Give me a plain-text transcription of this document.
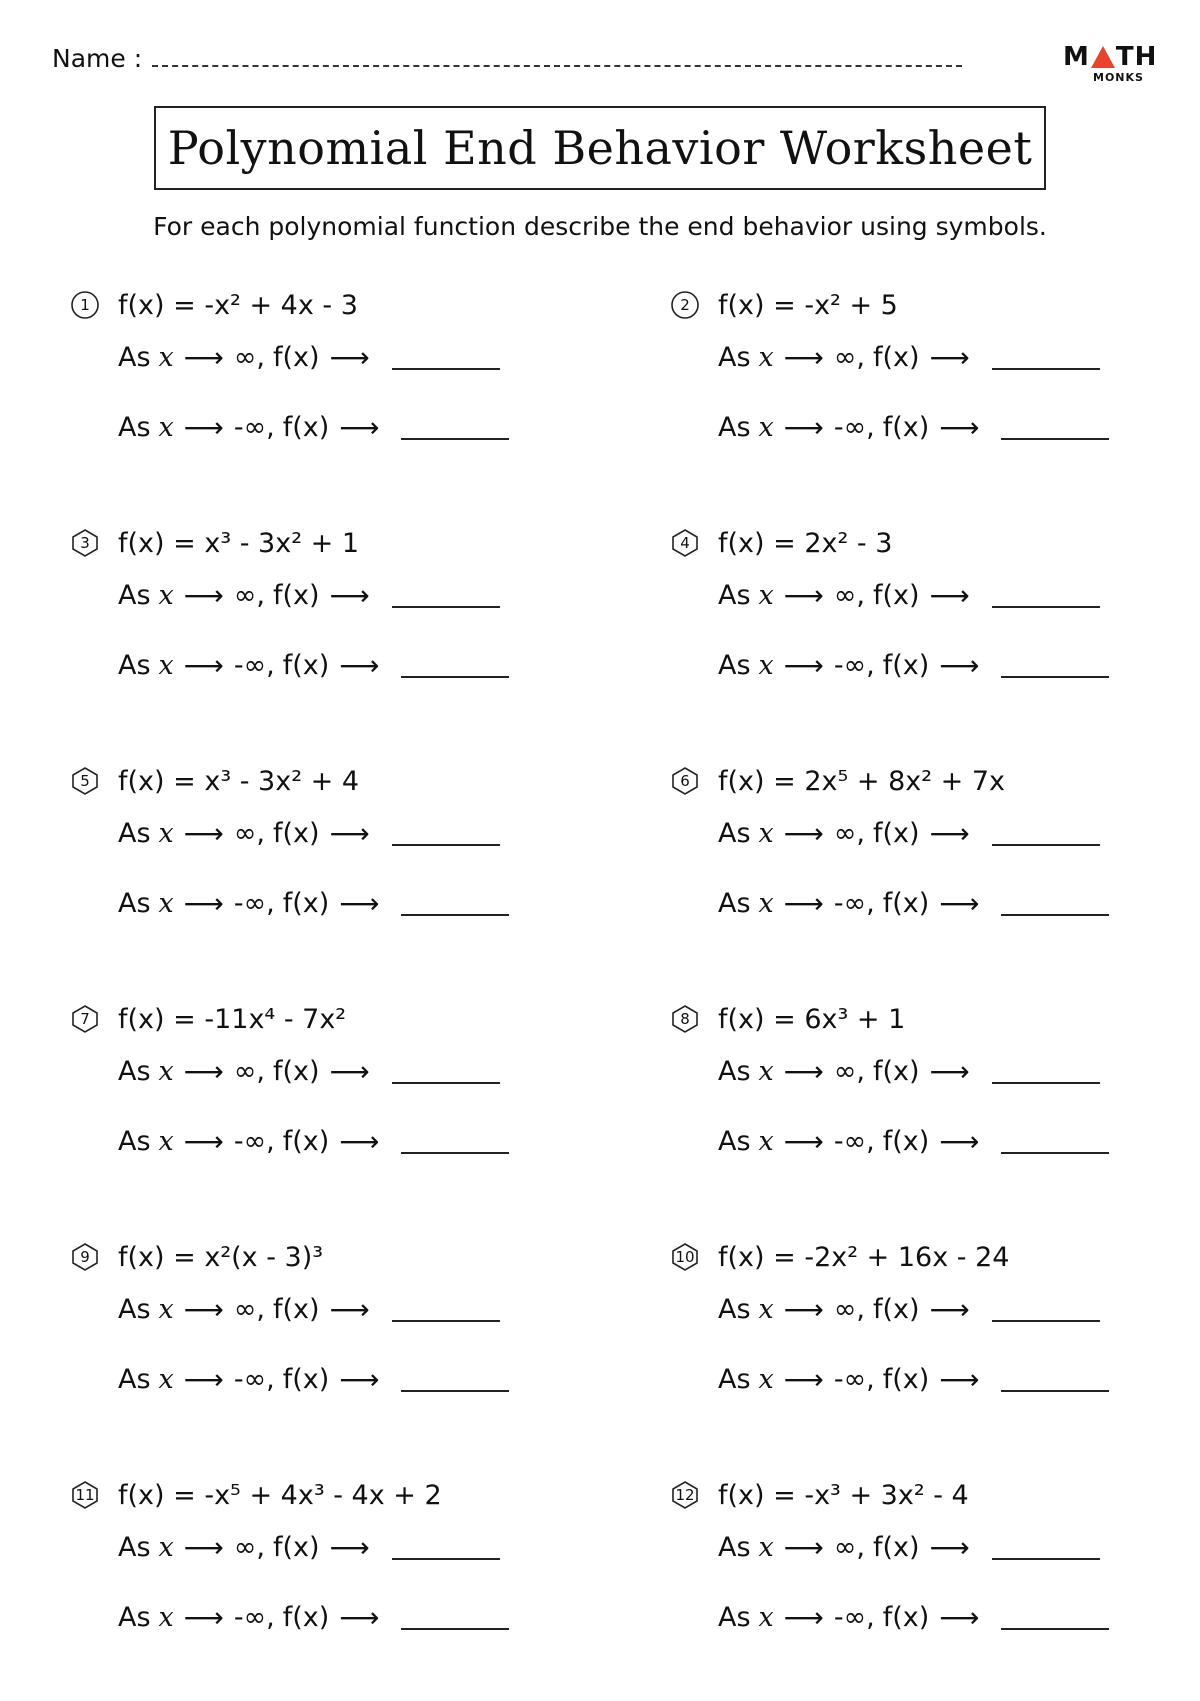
Name :	M TH
MONKS
Polynomial End Behavior Worksheet
For each polynomial function describe the end behavior using symbols.
1 f(x) = -x² + 4x - 3
As x ⟶ ∞, f(x) ⟶
As x ⟶ -∞, f(x) ⟶
2 f(x) = -x² + 5
As x ⟶ ∞, f(x) ⟶
As x ⟶ -∞, f(x) ⟶
3 f(x) = x³ - 3x² + 1
As x ⟶ ∞, f(x) ⟶
As x ⟶ -∞, f(x) ⟶
4 f(x) = 2x² - 3
As x ⟶ ∞, f(x) ⟶
As x ⟶ -∞, f(x) ⟶
5 f(x) = x³ - 3x² + 4
As x ⟶ ∞, f(x) ⟶
As x ⟶ -∞, f(x) ⟶
6 f(x) = 2x⁵ + 8x² + 7x
As x ⟶ ∞, f(x) ⟶
As x ⟶ -∞, f(x) ⟶
7 f(x) = -11x⁴ - 7x²
As x ⟶ ∞, f(x) ⟶
As x ⟶ -∞, f(x) ⟶
8 f(x) = 6x³ + 1
As x ⟶ ∞, f(x) ⟶
As x ⟶ -∞, f(x) ⟶
9 f(x) = x²(x - 3)³
As x ⟶ ∞, f(x) ⟶
As x ⟶ -∞, f(x) ⟶
10 f(x) = -2x² + 16x - 24
As x ⟶ ∞, f(x) ⟶
As x ⟶ -∞, f(x) ⟶
11 f(x) = -x⁵ + 4x³ - 4x + 2
As x ⟶ ∞, f(x) ⟶
As x ⟶ -∞, f(x) ⟶
12 f(x) = -x³ + 3x² - 4
As x ⟶ ∞, f(x) ⟶
As x ⟶ -∞, f(x) ⟶
